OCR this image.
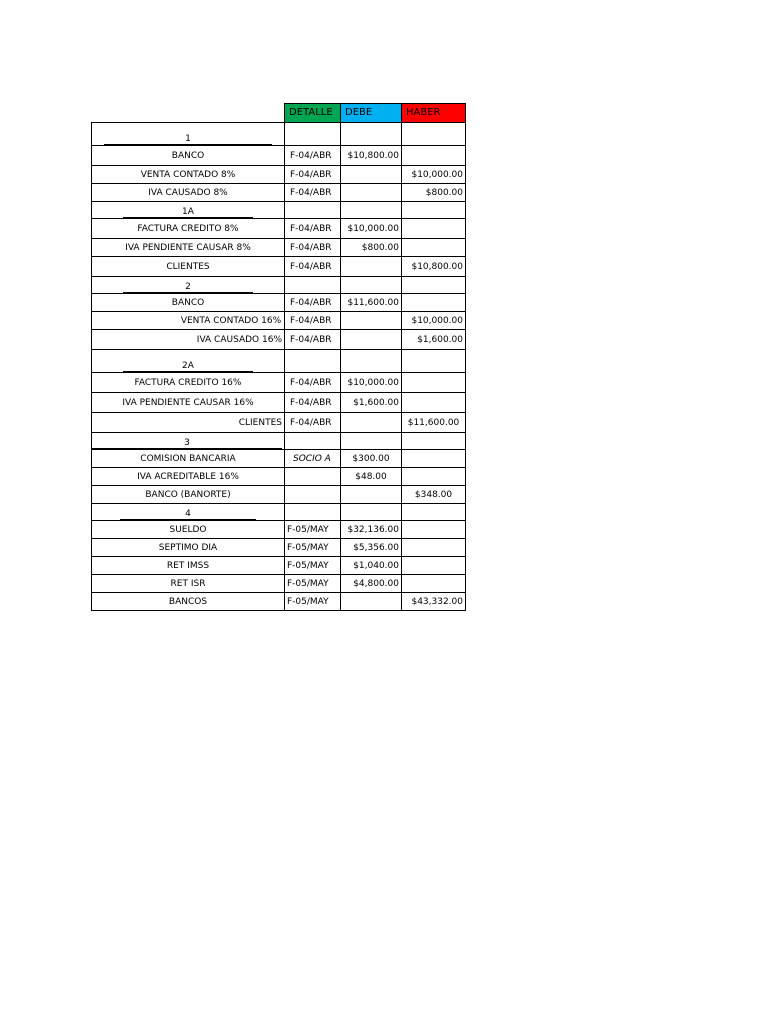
	DETALLE	DEBE	HABER
1			
BANCO	F-04/ABR	$10,800.00	
VENTA CONTADO 8%	F-04/ABR		$10,000.00
IVA CAUSADO 8%	F-04/ABR		$800.00
1A			
FACTURA CREDITO 8%	F-04/ABR	$10,000.00	
IVA PENDIENTE CAUSAR 8%	F-04/ABR	$800.00	
CLIENTES	F-04/ABR		$10,800.00
2			
BANCO	F-04/ABR	$11,600.00	
VENTA CONTADO 16%	F-04/ABR		$10,000.00
IVA CAUSADO 16%	F-04/ABR		$1,600.00
2A			
FACTURA CREDITO 16%	F-04/ABR	$10,000.00	
IVA PENDIENTE CAUSAR 16%	F-04/ABR	$1,600.00	
CLIENTES	F-04/ABR		$11,600.00
3			
COMISION BANCARIA	SOCIO A	$300.00	
IVA ACREDITABLE 16%		$48.00	
BANCO (BANORTE)			$348.00
4			
SUELDO	F-05/MAY	$32,136.00	
SEPTIMO DIA	F-05/MAY	$5,356.00	
RET IMSS	F-05/MAY	$1,040.00	
RET ISR	F-05/MAY	$4,800.00	
BANCOS	F-05/MAY		$43,332.00
